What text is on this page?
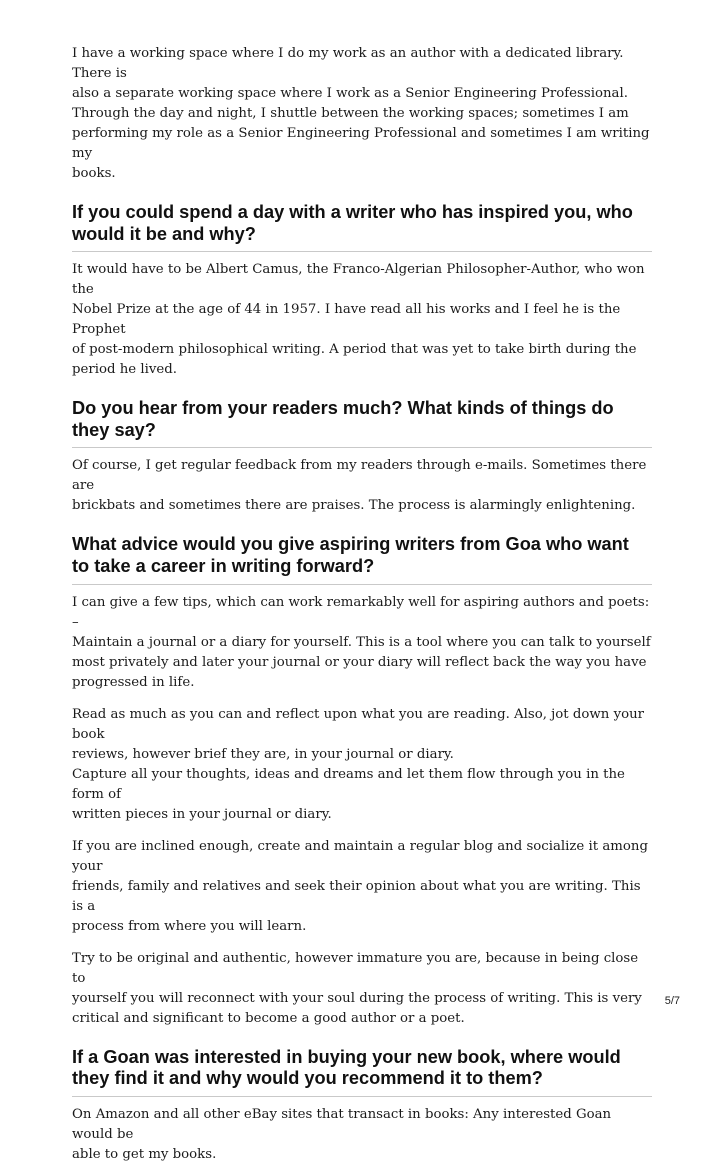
I have a working space where I do my work as an author with a dedicated library. There is
also a separate working space where I work as a Senior Engineering Professional.
Through the day and night, I shuttle between the working spaces; sometimes I am
performing my role as a Senior Engineering Professional and sometimes I am writing my
books.

If you could spend a day with a writer who has inspired you, who
would it be and why?

It would have to be Albert Camus, the Franco-Algerian Philosopher-Author, who won the
Nobel Prize at the age of 44 in 1957. I have read all his works and I feel he is the Prophet
of post-modern philosophical writing. A period that was yet to take birth during the
period he lived.

Do you hear from your readers much? What kinds of things do
they say?

Of course, I get regular feedback from my readers through e-mails. Sometimes there are
brickbats and sometimes there are praises. The process is alarmingly enlightening.

What advice would you give aspiring writers from Goa who want
to take a career in writing forward?

I can give a few tips, which can work remarkably well for aspiring authors and poets: –
Maintain a journal or a diary for yourself. This is a tool where you can talk to yourself
most privately and later your journal or your diary will reflect back the way you have
progressed in life.

Read as much as you can and reflect upon what you are reading. Also, jot down your book
reviews, however brief they are, in your journal or diary.
Capture all your thoughts, ideas and dreams and let them flow through you in the form of
written pieces in your journal or diary.

If you are inclined enough, create and maintain a regular blog and socialize it among your
friends, family and relatives and seek their opinion about what you are writing. This is a
process from where you will learn.

Try to be original and authentic, however immature you are, because in being close to
yourself you will reconnect with your soul during the process of writing. This is very
critical and significant to become a good author or a poet.

If a Goan was interested in buying your new book, where would
they find it and why would you recommend it to them?

On Amazon and all other eBay sites that transact in books: Any interested Goan would be
able to get my books.

5/7
